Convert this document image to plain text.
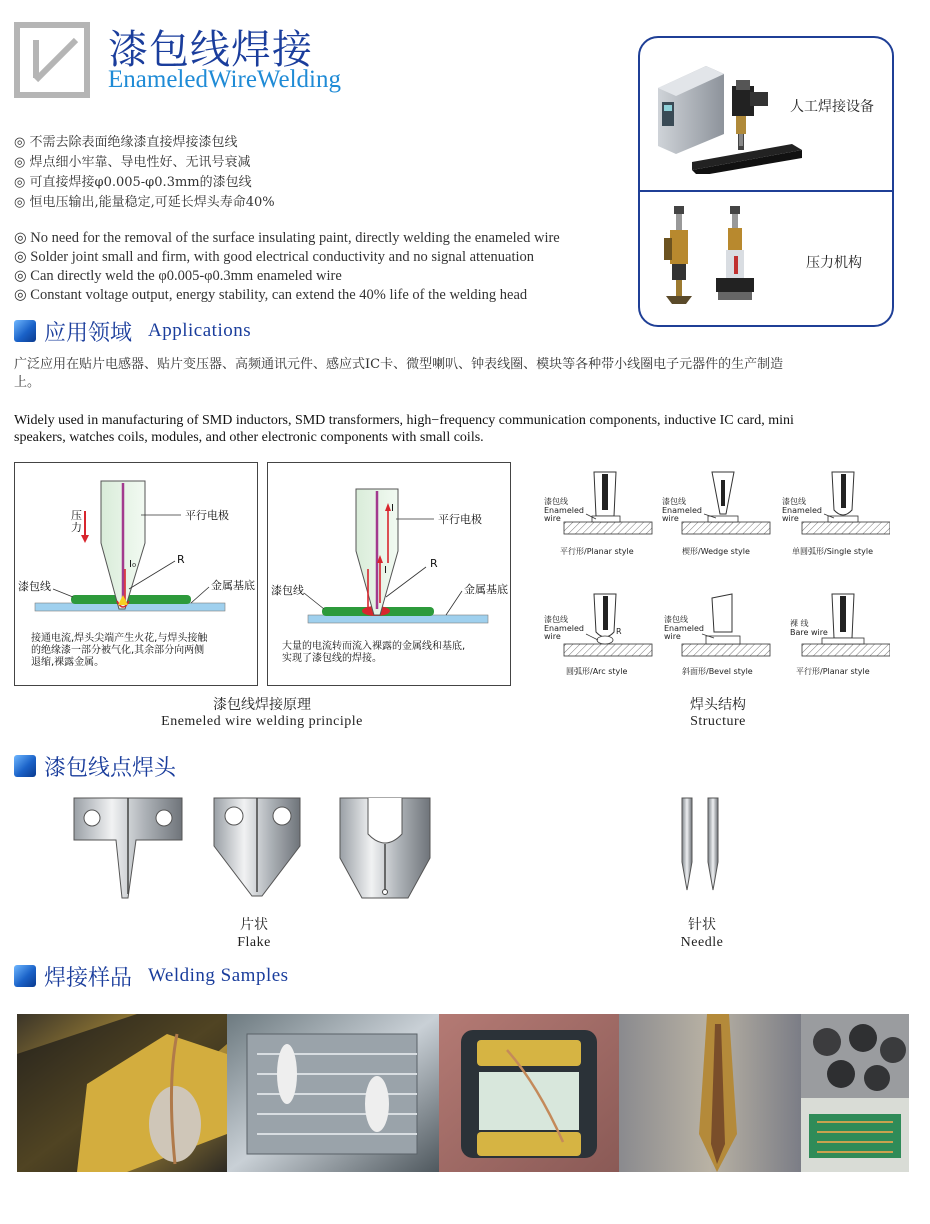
漆包线焊接
EnameledWireWelding
◎ 不需去除表面绝缘漆直接焊接漆包线
◎ 焊点细小牢靠、导电性好、无讯号衰减
◎ 可直接焊接φ0.005-φ0.3mm的漆包线
◎ 恒电压输出,能量稳定,可延长焊头寿命40%
◎ No need for the removal of the surface insulating paint, directly welding the enameled wire
◎ Solder joint small and firm, with good electrical conductivity and no signal attenuation
◎ Can directly weld the φ0.005-φ0.3mm enameled wire
◎ Constant voltage output, energy stability, can extend the 40% life of the welding head
人工焊接设备
压力机构
应用领域 Applications
广泛应用在贴片电感器、贴片变压器、高频通讯元件、感应式IC卡、微型喇叭、钟表线圈、模块等各种带小线圈电子元器件的生产制造上。
Widely used in manufacturing of SMD inductors, SMD transformers, high−frequency communication components, inductive IC card, mini speakers, watches coils, modules, and other electronic components with small coils.
压
力
I₀
平行电极
R
漆包线	金属基底
接通电流,焊头尖端产生火花,与焊头接触
的绝缘漆一部分被气化,其余部分向两侧
退缩,裸露金属。
I
I
平行电极
R
漆包线	金属基底
大量的电流转而流入裸露的金属线和基底,
实现了漆包线的焊接。
漆包线焊接原理
Enemeled wire welding principle
漆包线
Enameled
wire
平行形/Planar style
漆包线
Enameled
wire
楔形/Wedge style
漆包线
Enameled
wire
单圆弧形/Single style
R
漆包线
Enameled
wire
圆弧形/Arc style
漆包线
Enameled
wire
斜面形/Bevel style
裸 线
Bare wire
平行形/Planar style
焊头结构
Structure
漆包线点焊头
片状
Flake
针状
Needle
焊接样品 Welding Samples
